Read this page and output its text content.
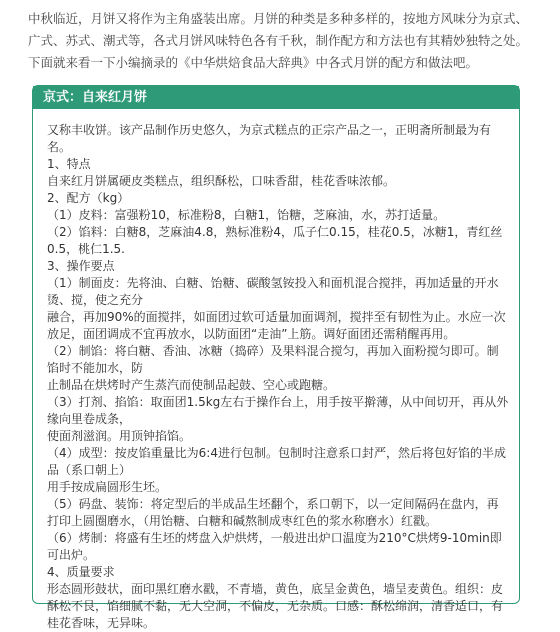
中秋临近，月饼又将作为主角盛装出席。月饼的种类是多种多样的，按地方风味分为京式、广式、苏式、潮式等，各式月饼风味特色各有千秋，制作配方和方法也有其精妙独特之处。下面就来看一下小编摘录的《中华烘焙食品大辞典》中各式月饼的配方和做法吧。
京式：自来红月饼

又称丰收饼。该产品制作历史悠久，为京式糕点的正宗产品之一，正明斋所制最为有名。

1、特点

自来红月饼属硬皮类糕点，组织酥松，口味香甜，桂花香味浓郁。

2、配方（kg）

（1）皮料：富强粉10，标准粉8，白糖1，饴糖，芝麻油，水，苏打适量。

（2）馅料：白糖8，芝麻油4.8，熟标准粉4，瓜子仁0.15，桂花0.5，冰糖1，青红丝0.5，桃仁1.5.

3、操作要点

（1）制面皮：先将油、白糖、饴糖、碳酸氢铵投入和面机混合搅拌，再加适量的开水烫、搅，使之充分

融合，再加90%的面搅拌，如面团过软可适量加面调剂，搅拌至有韧性为止。水应一次放足，面团调成不宜再放水，以防面团“走油”上筋。调好面团还需稍醒再用。

（2）制馅：将白糖、香油、冰糖（捣碎）及果料混合搅匀，再加入面粉搅匀即可。制馅时不能加水，防

止制品在烘烤时产生蒸汽而使制品起鼓、空心或跑糖。

（3）打剂、掐馅：取面团1.5kg左右于操作台上，用手按平擀薄，从中间切开，再从外缘向里卷成条，

使面剂滋润。用顶钟掐馅。

（4）成型：按皮馅重量比为6:4进行包制。包制时注意系口封严，然后将包好馅的半成品（系口朝上）

用手按成扁圆形生坯。

（5）码盘、装饰：将定型后的半成品生坯翻个，系口朝下，以一定间隔码在盘内，再打印上圆圈磨水，（用饴糖、白糖和碱熬制成枣红色的浆水称磨水）红戳。

（6）烤制：将盛有生坯的烤盘入炉烘烤，一般进出炉口温度为210°C烘烤9-10min即可出炉。

4、质量要求

形态圆形鼓状，面印黑红磨水戳，不青墙，黄色，底呈金黄色，墙呈麦黄色。组织：皮酥松不艮，馅细腻不黏，无大空洞，不偏皮，无杂质。口感：酥松绵润，清香适口，有桂花香味，无异味。
